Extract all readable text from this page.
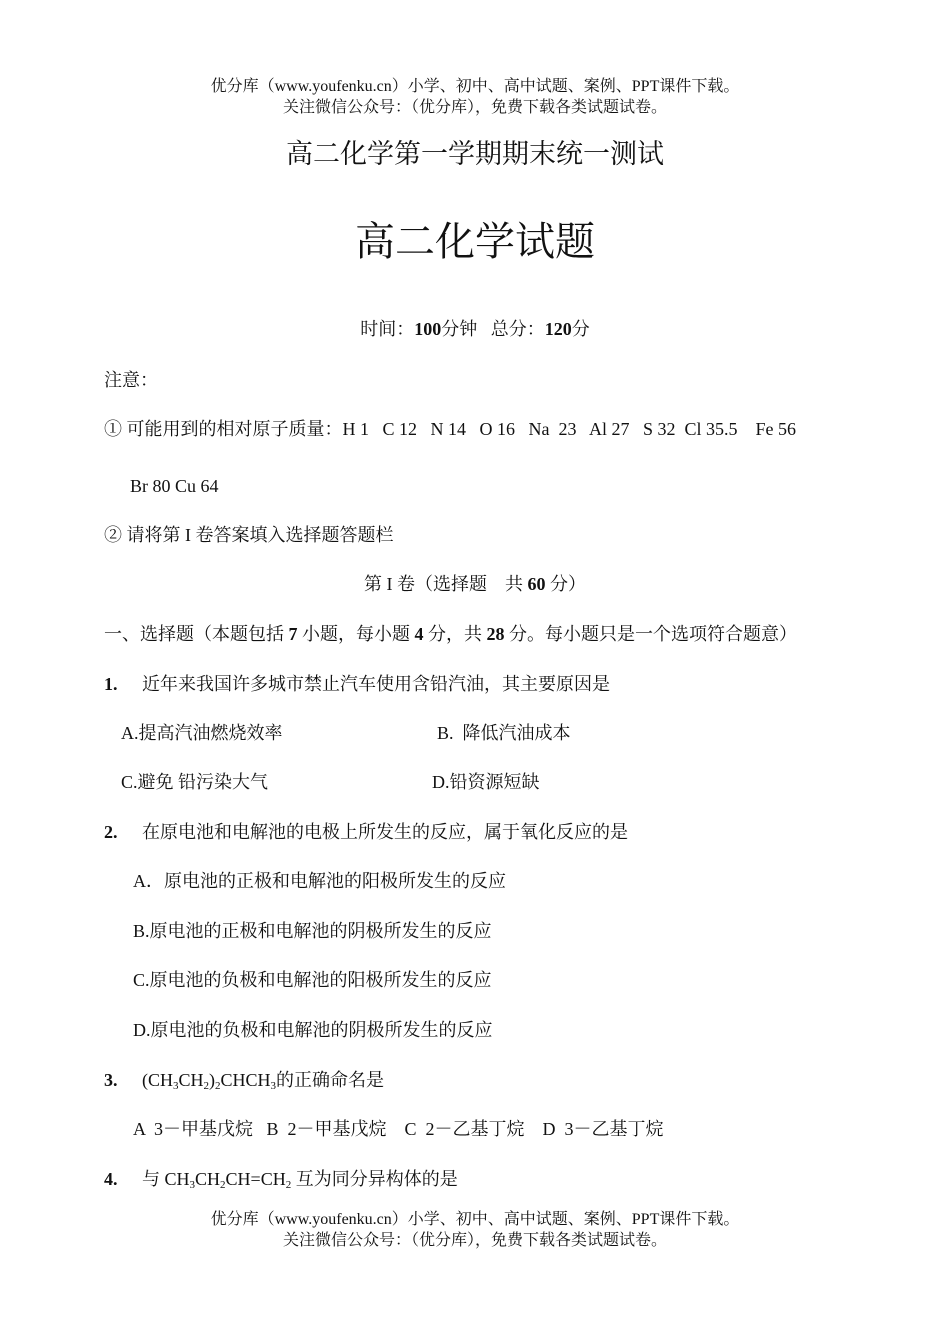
优分库（www.youfenku.cn）小学、初中、高中试题、案例、PPT课件下载。
关注微信公众号：（优分库），免费下载各类试题试卷。
高二化学第一学期期末统一测试
高二化学试题
时间：100分钟 总分：120分
注意：
① 可能用到的相对原子质量：H 1   C 12   N 14   O 16   Na  23   Al 27   S 32  Cl 35.5    Fe 56
Br 80 Cu 64
② 请将第 I 卷答案填入选择题答题栏
第 I 卷（选择题    共 60 分）
一、选择题（本题包括 7 小题，每小题 4 分，共 28 分。每小题只是一个选项符合题意）
1. 近年来我国许多城市禁止汽车使用含铅汽油，其主要原因是
A.提高汽油燃烧效率	B.  降低汽油成本
C.避免 铅污染大气	D.铅资源短缺
2. 在原电池和电解池的电极上所发生的反应，属于氧化反应的是
A．原电池的正极和电解池的阳极所发生的反应
B.原电池的正极和电解池的阴极所发生的反应
C.原电池的负极和电解池的阳极所发生的反应
D.原电池的负极和电解池的阴极所发生的反应
3. $(CH_3CH_2)_2CHCH_3$的正确命名是
A  3－甲基戊烷 B  2－甲基戊烷 C  2－乙基丁烷 D  3－乙基丁烷
4. 与 $CH_3CH_2CH=CH_2$ 互为同分异构体的是
优分库（www.youfenku.cn）小学、初中、高中试题、案例、PPT课件下载。
关注微信公众号：（优分库），免费下载各类试题试卷。
